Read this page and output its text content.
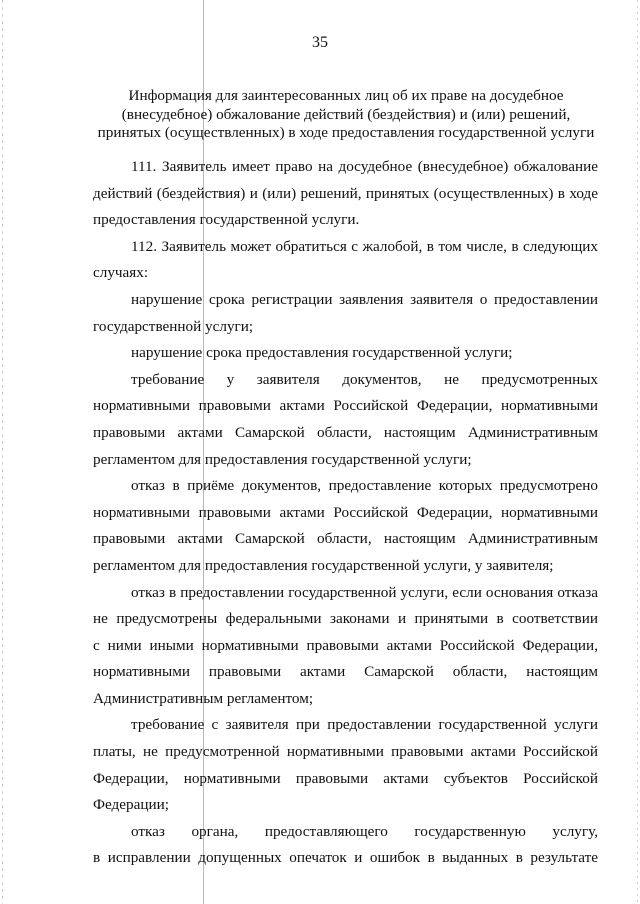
35
Информация для заинтересованных лиц об их праве на досудебное
(внесудебное) обжалование действий (бездействия) и (или) решений,
принятых (осуществленных) в ходе предоставления государственной услуги
111. Заявитель имеет право на досудебное (внесудебное) обжалование
действий (бездействия) и (или) решений, принятых (осуществленных) в ходе
предоставления государственной услуги.
112. Заявитель может обратиться с жалобой, в том числе, в следующих
случаях:
нарушение срока регистрации заявления заявителя о предоставлении
государственной услуги;
нарушение срока предоставления государственной услуги;
требование у заявителя документов, не предусмотренных
нормативными правовыми актами Российской Федерации, нормативными
правовыми актами Самарской области, настоящим Административным
регламентом для предоставления государственной услуги;
отказ в приёме документов, предоставление которых предусмотрено
нормативными правовыми актами Российской Федерации, нормативными
правовыми актами Самарской области, настоящим Административным
регламентом для предоставления государственной услуги, у заявителя;
отказ в предоставлении государственной услуги, если основания отказа
не предусмотрены федеральными законами и принятыми в соответствии
с ними иными нормативными правовыми актами Российской Федерации,
нормативными правовыми актами Самарской области, настоящим
Административным регламентом;
требование с заявителя при предоставлении государственной услуги
платы, не предусмотренной нормативными правовыми актами Российской
Федерации, нормативными правовыми актами субъектов Российской
Федерации;
отказ органа, предоставляющего государственную услугу,
в исправлении допущенных опечаток и ошибок в выданных в результате
